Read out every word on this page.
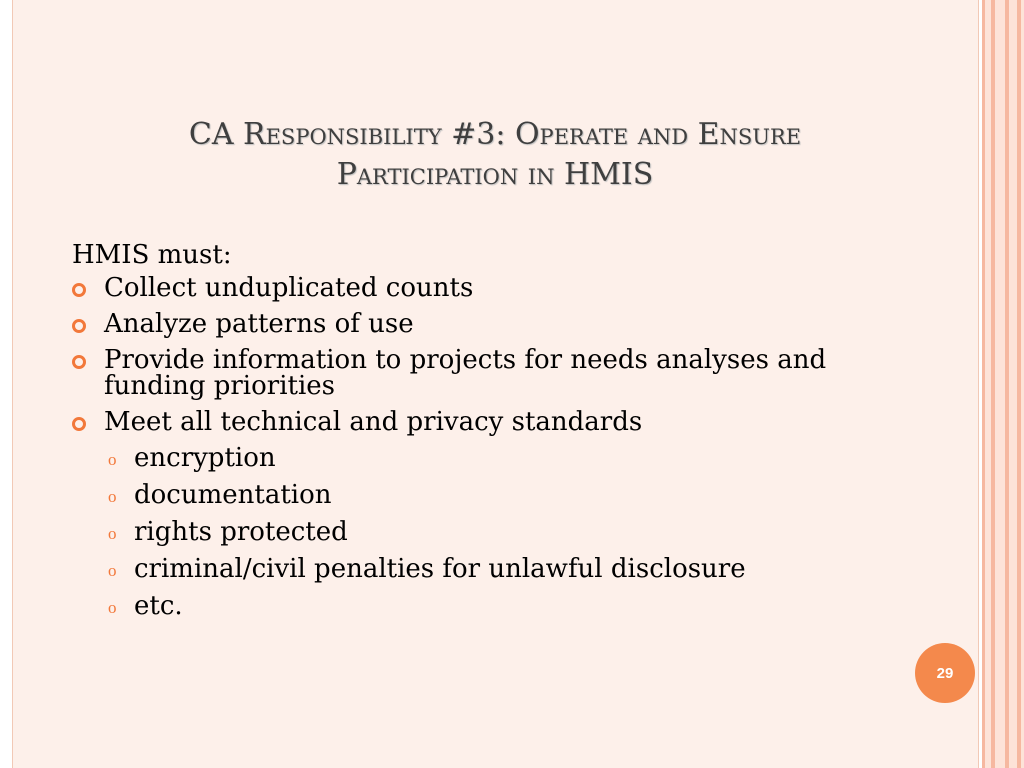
CA Responsibility #3: Operate and Ensure
Participation in HMIS
HMIS must:
Collect unduplicated counts
Analyze patterns of use
Provide information to projects for needs analyses and funding priorities
Meet all technical and privacy standards
o encryption
o documentation
o rights protected
o criminal/civil penalties for unlawful disclosure
o etc.
29
